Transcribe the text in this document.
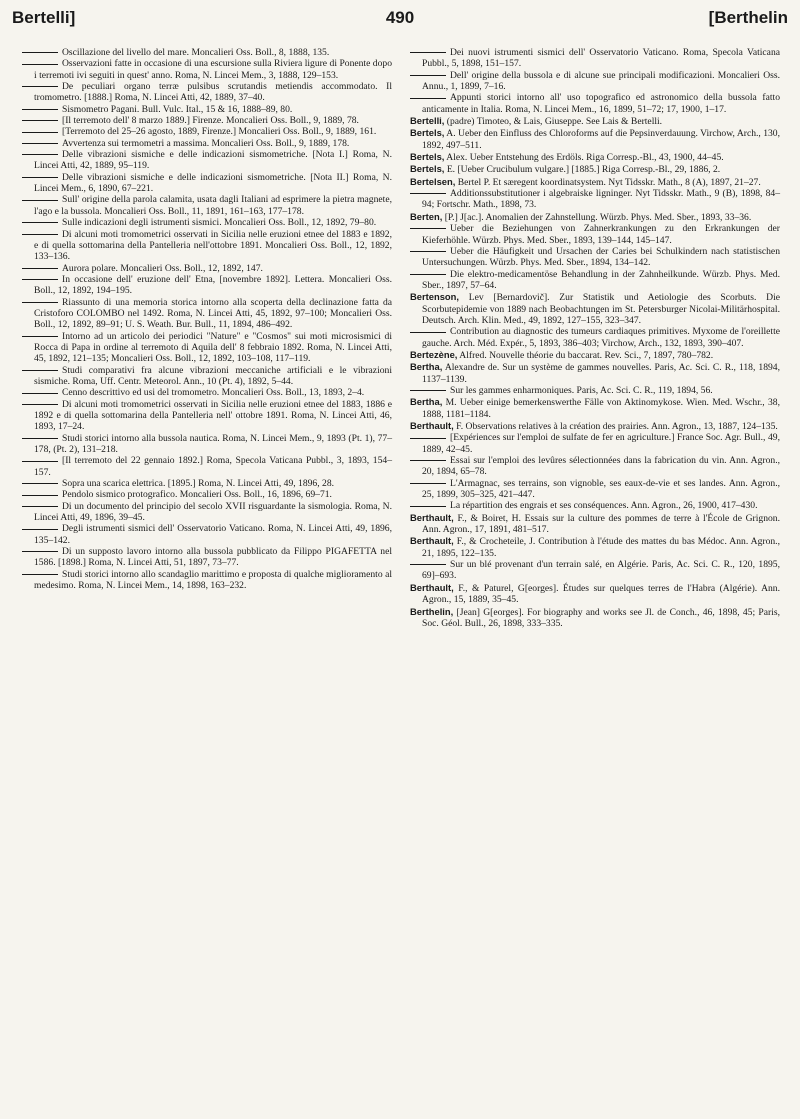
Bertelli]	490	[Berthelin

Oscillazione del livello del mare. Moncalieri Oss. Boll., 8, 1888, 135.

Osservazioni fatte in occasione di una escursione sulla Riviera ligure di Ponente dopo i terremoti ivi seguiti in quest' anno. Roma, N. Lincei Mem., 3, 1888, 129–153.

De peculiari organo terræ pulsibus scrutandis metiendis accommodato. Il tromometro. [1888.] Roma, N. Lincei Atti, 42, 1889, 37–40.

Sismometro Pagani. Bull. Vulc. Ital., 15 & 16, 1888–89, 80.

[Il terremoto dell' 8 marzo 1889.] Firenze. Moncalieri Oss. Boll., 9, 1889, 78.

[Terremoto del 25–26 agosto, 1889, Firenze.] Moncalieri Oss. Boll., 9, 1889, 161.

Avvertenza sui termometri a massima. Moncalieri Oss. Boll., 9, 1889, 178.

Delle vibrazioni sismiche e delle indicazioni sismometriche. [Nota I.] Roma, N. Lincei Atti, 42, 1889, 95–119.

Delle vibrazioni sismiche e delle indicazioni sismometriche. [Nota II.] Roma, N. Lincei Mem., 6, 1890, 67–221.

Sull' origine della parola calamita, usata dagli Italiani ad esprimere la pietra magnete, l'ago e la bussola. Moncalieri Oss. Boll., 11, 1891, 161–163, 177–178.

Sulle indicazioni degli istrumenti sismici. Moncalieri Oss. Boll., 12, 1892, 79–80.

Di alcuni moti tromometrici osservati in Sicilia nelle eruzioni etnee del 1883 e 1892, e di quella sottomarina della Pantelleria nell'ottobre 1891. Moncalieri Oss. Boll., 12, 1892, 133–136.

Aurora polare. Moncalieri Oss. Boll., 12, 1892, 147.

In occasione dell' eruzione dell' Etna, [novembre 1892]. Lettera. Moncalieri Oss. Boll., 12, 1892, 194–195.

Riassunto di una memoria storica intorno alla scoperta della declinazione fatta da Cristoforo COLOMBO nel 1492. Roma, N. Lincei Atti, 45, 1892, 97–100; Moncalieri Oss. Boll., 12, 1892, 89–91; U. S. Weath. Bur. Bull., 11, 1894, 486–492.

Intorno ad un articolo dei periodici "Nature" e "Cosmos" sui moti microsismici di Rocca di Papa in ordine al terremoto di Aquila dell' 8 febbraio 1892. Roma, N. Lincei Atti, 45, 1892, 121–135; Moncalieri Oss. Boll., 12, 1892, 103–108, 117–119.

Studi comparativi fra alcune vibrazioni meccaniche artificiali e le vibrazioni sismiche. Roma, Uff. Centr. Meteorol. Ann., 10 (Pt. 4), 1892, 5–44.

Cenno descrittivo ed usi del tromometro. Moncalieri Oss. Boll., 13, 1893, 2–4.

Di alcuni moti tromometrici osservati in Sicilia nelle eruzioni etnee del 1883, 1886 e 1892 e di quella sottomarina della Pantelleria nell' ottobre 1891. Roma, N. Lincei Atti, 46, 1893, 17–24.

Studi storici intorno alla bussola nautica. Roma, N. Lincei Mem., 9, 1893 (Pt. 1), 77–178, (Pt. 2), 131–218.

[Il terremoto del 22 gennaio 1892.] Roma, Specola Vaticana Pubbl., 3, 1893, 154–157.

Sopra una scarica elettrica. [1895.] Roma, N. Lincei Atti, 49, 1896, 28.

Pendolo sismico protografico. Moncalieri Oss. Boll., 16, 1896, 69–71.

Di un documento del principio del secolo XVII risguardante la sismologia. Roma, N. Lincei Atti, 49, 1896, 39–45.

Degli istrumenti sismici dell' Osservatorio Vaticano. Roma, N. Lincei Atti, 49, 1896, 135–142.

Di un supposto lavoro intorno alla bussola pubblicato da Filippo PIGAFETTA nel 1586. [1898.] Roma, N. Lincei Atti, 51, 1897, 73–77.

Studi storici intorno allo scandaglio marittimo e proposta di qualche miglioramento al medesimo. Roma, N. Lincei Mem., 14, 1898, 163–232.

Dei nuovi istrumenti sismici dell' Osservatorio Vaticano. Roma, Specola Vaticana Pubbl., 5, 1898, 151–157.

Dell' origine della bussola e di alcune sue principali modificazioni. Moncalieri Oss. Annu., 1, 1899, 7–16.

Appunti storici intorno all' uso topografico ed astronomico della bussola fatto anticamente in Italia. Roma, N. Lincei Mem., 16, 1899, 51–72; 17, 1900, 1–17.

Bertelli, (padre) Timoteo, & Lais, Giuseppe. See Lais & Bertelli.

Bertels, A. Ueber den Einfluss des Chloroforms auf die Pepsinverdauung. Virchow, Arch., 130, 1892, 497–511.

Bertels, Alex. Ueber Entstehung des Erdöls. Riga Corresp.-Bl., 43, 1900, 44–45.

Bertels, E. [Ueber Crucibulum vulgare.] [1885.] Riga Corresp.-Bl., 29, 1886, 2.

Bertelsen, Bertel P. Et særegent koordinatsystem. Nyt Tidsskr. Math., 8 (A), 1897, 21–27.

Additionssubstitutioner i algebraiske ligninger. Nyt Tidsskr. Math., 9 (B), 1898, 84–94; Fortschr. Math., 1898, 73.

Berten, [P.] J[ac.]. Anomalien der Zahnstellung. Würzb. Phys. Med. Sber., 1893, 33–36.

Ueber die Beziehungen von Zahnerkrankungen zu den Erkrankungen der Kieferhöhle. Würzb. Phys. Med. Sber., 1893, 139–144, 145–147.

Ueber die Häufigkeit und Ursachen der Caries bei Schulkindern nach statistischen Untersuchungen. Würzb. Phys. Med. Sber., 1894, 134–142.

Die elektro-medicamentöse Behandlung in der Zahnheilkunde. Würzb. Phys. Med. Sber., 1897, 57–64.

Bertenson, Lev [Bernardovič]. Zur Statistik und Aetiologie des Scorbuts. Die Scorbutepidemie von 1889 nach Beobachtungen im St. Petersburger Nicolai-Militärhospital. Deutsch. Arch. Klin. Med., 49, 1892, 127–155, 323–347.

Contribution au diagnostic des tumeurs cardiaques primitives. Myxome de l'oreillette gauche. Arch. Méd. Expér., 5, 1893, 386–403; Virchow, Arch., 132, 1893, 390–407.

Bertezène, Alfred. Nouvelle théorie du baccarat. Rev. Sci., 7, 1897, 780–782.

Bertha, Alexandre de. Sur un système de gammes nouvelles. Paris, Ac. Sci. C. R., 118, 1894, 1137–1139.

Sur les gammes enharmoniques. Paris, Ac. Sci. C. R., 119, 1894, 56.

Bertha, M. Ueber einige bemerkenswerthe Fälle von Aktinomykose. Wien. Med. Wschr., 38, 1888, 1181–1184.

Berthault, F. Observations relatives à la création des prairies. Ann. Agron., 13, 1887, 124–135.

[Expériences sur l'emploi de sulfate de fer en agriculture.] France Soc. Agr. Bull., 49, 1889, 42–45.

Essai sur l'emploi des levûres sélectionnées dans la fabrication du vin. Ann. Agron., 20, 1894, 65–78.

L'Armagnac, ses terrains, son vignoble, ses eaux-de-vie et ses landes. Ann. Agron., 25, 1899, 305–325, 421–447.

La répartition des engrais et ses conséquences. Ann. Agron., 26, 1900, 417–430.

Berthault, F., & Boiret, H. Essais sur la culture des pommes de terre à l'École de Grignon. Ann. Agron., 17, 1891, 481–517.

Berthault, F., & Crocheteile, J. Contribution à l'étude des mattes du bas Médoc. Ann. Agron., 21, 1895, 122–135.

Sur un blé provenant d'un terrain salé, en Algérie. Paris, Ac. Sci. C. R., 120, 1895, 69]–693.

Berthault, F., & Paturel, G[eorges]. Études sur quelques terres de l'Habra (Algérie). Ann. Agron., 15, 1889, 35–45.

Berthelin, [Jean] G[eorges]. For biography and works see Jl. de Conch., 46, 1898, 45; Paris, Soc. Géol. Bull., 26, 1898, 333–335.
